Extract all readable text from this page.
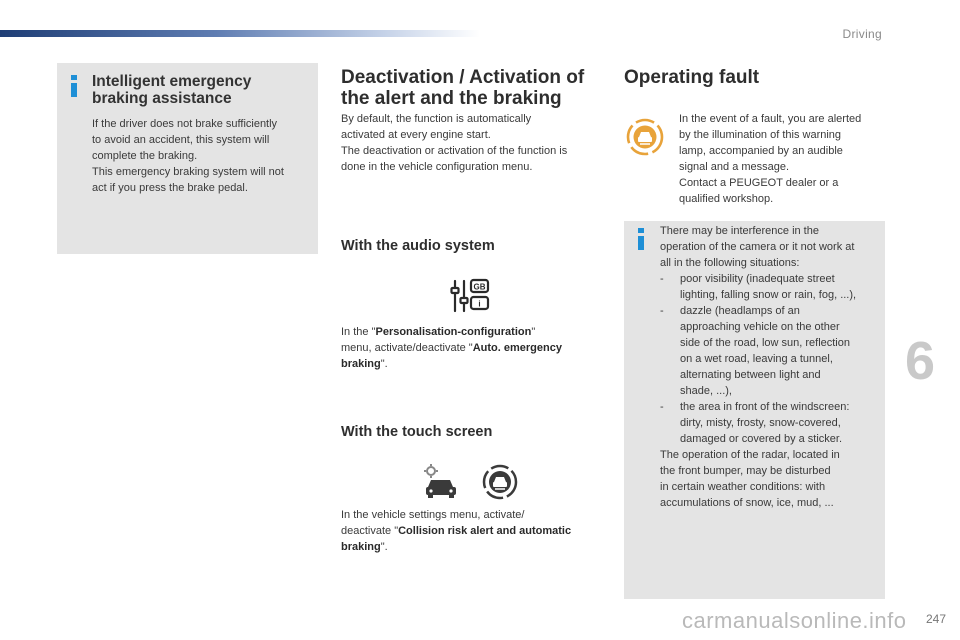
Driving
Intelligent emergency
braking assistance

If the driver does not brake sufficiently

to avoid an accident, this system will

complete the braking.

This emergency braking system will not

act if you press the brake pedal.

Deactivation / Activation of
the alert and the braking

By default, the function is automatically

activated at every engine start.

The deactivation or activation of the function is

done in the vehicle configuration menu.

With the audio system
GB
i

In the "Personalisation-configuration"

menu, activate/deactivate "Auto. emergency

braking".

With the touch screen

In the vehicle settings menu, activate/

deactivate "Collision risk alert and automatic

braking".

Operating fault

In the event of a fault, you are alerted

by the illumination of this warning

lamp, accompanied by an audible

signal and a message.

Contact a PEUGEOT dealer or a

qualified workshop.

There may be interference in the

operation of the camera or it not work at

all in the following situations:

- poor visibility (inadequate street

lighting, falling snow or rain, fog, ...),

- dazzle (headlamps of an

approaching vehicle on the other

side of the road, low sun, reflection

on a wet road, leaving a tunnel,

alternating between light and

shade, ...),

- the area in front of the windscreen:

dirty, misty, frosty, snow-covered,

damaged or covered by a sticker.

The operation of the radar, located in

the front bumper, may be disturbed

in certain weather conditions: with

accumulations of snow, ice, mud, ...

6
carmanualsonline.info 247
